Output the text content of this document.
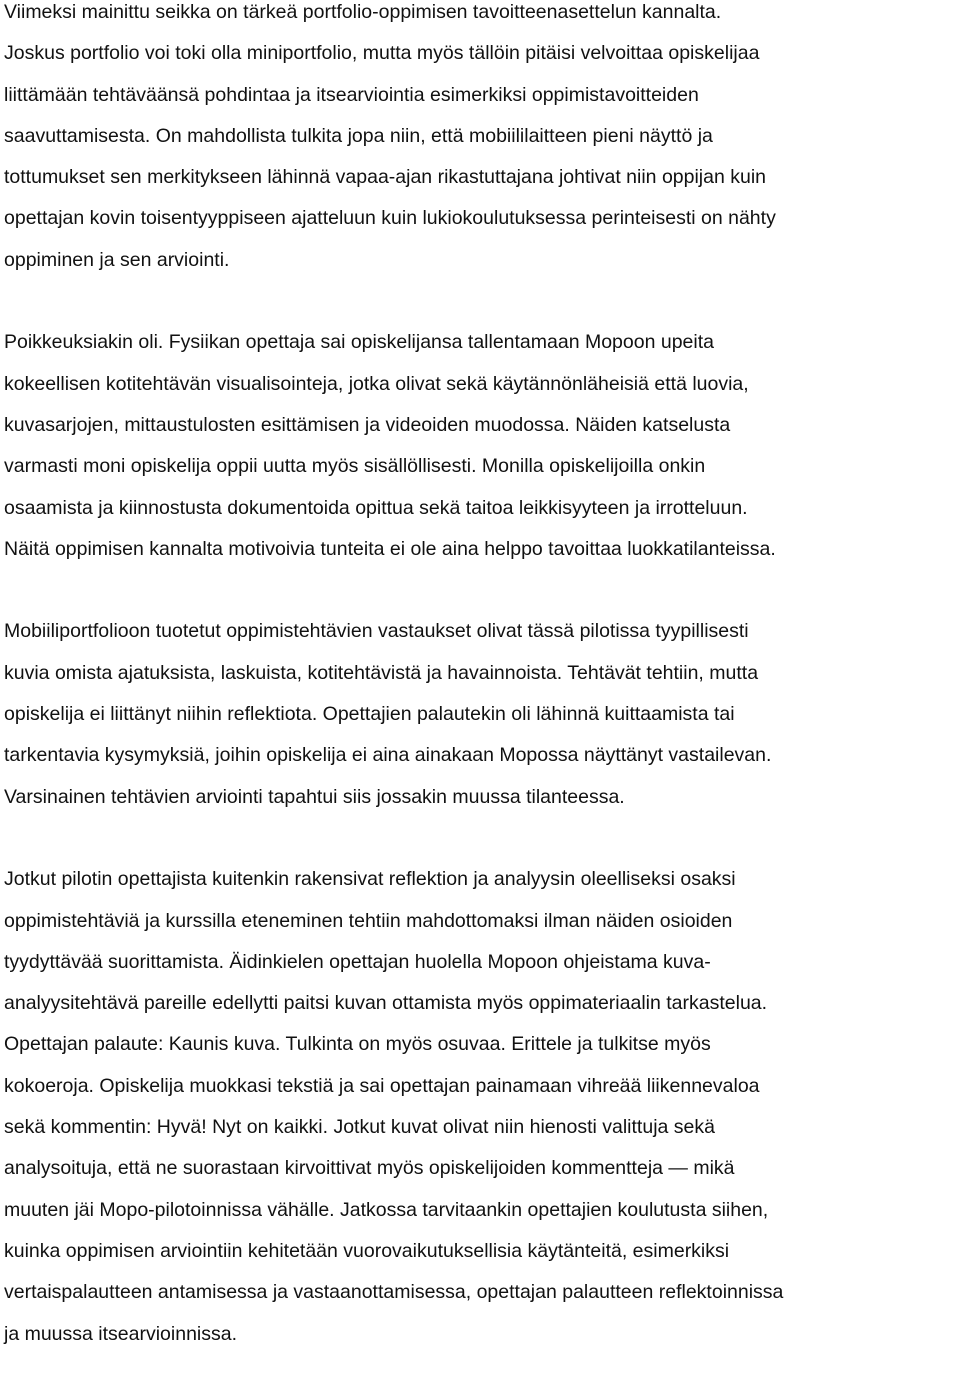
Viimeksi mainittu seikka on tärkeä portfolio-oppimisen tavoitteenasettelun kannalta.
Joskus portfolio voi toki olla miniportfolio, mutta myös tällöin pitäisi velvoittaa opiskelijaa
liittämään tehtäväänsä pohdintaa ja itsearviointia esimerkiksi oppimistavoitteiden
saavuttamisesta. On mahdollista tulkita jopa niin, että mobiililaitteen pieni näyttö ja
tottumukset sen merkitykseen lähinnä vapaa-ajan rikastuttajana johtivat niin oppijan kuin
opettajan kovin toisentyyppiseen ajatteluun kuin lukiokoulutuksessa perinteisesti on nähty
oppiminen ja sen arviointi.

Poikkeuksiakin oli. Fysiikan opettaja sai opiskelijansa tallentamaan Mopoon upeita
kokeellisen kotitehtävän visualisointeja, jotka olivat sekä käytännönläheisiä että luovia,
kuvasarjojen, mittaustulosten esittämisen ja videoiden muodossa. Näiden katselusta
varmasti moni opiskelija oppii uutta myös sisällöllisesti. Monilla opiskelijoilla onkin
osaamista ja kiinnostusta dokumentoida opittua sekä taitoa leikkisyyteen ja irrotteluun.
Näitä oppimisen kannalta motivoivia tunteita ei ole aina helppo tavoittaa luokkatilanteissa.

Mobiiliportfolioon tuotetut oppimistehtävien vastaukset olivat tässä pilotissa tyypillisesti
kuvia omista ajatuksista, laskuista, kotitehtävistä ja havainnoista. Tehtävät tehtiin, mutta
opiskelija ei liittänyt niihin reflektiota. Opettajien palautekin oli lähinnä kuittaamista tai
tarkentavia kysymyksiä, joihin opiskelija ei aina ainakaan Mopossa näyttänyt vastailevan.
Varsinainen tehtävien arviointi tapahtui siis jossakin muussa tilanteessa.

Jotkut pilotin opettajista kuitenkin rakensivat reflektion ja analyysin oleelliseksi osaksi
oppimistehtäviä ja kurssilla eteneminen tehtiin mahdottomaksi ilman näiden osioiden
tyydyttävää suorittamista. Äidinkielen opettajan huolella Mopoon ohjeistama kuva-
analyysitehtävä pareille edellytti paitsi kuvan ottamista myös oppimateriaalin tarkastelua.
Opettajan palaute: Kaunis kuva. Tulkinta on myös osuvaa. Erittele ja tulkitse myös
kokoeroja. Opiskelija muokkasi tekstiä ja sai opettajan painamaan vihreää liikennevaloa
sekä kommentin: Hyvä! Nyt on kaikki. Jotkut kuvat olivat niin hienosti valittuja sekä
analysoituja, että ne suorastaan kirvoittivat myös opiskelijoiden kommentteja — mikä
muuten jäi Mopo-pilotoinnissa vähälle. Jatkossa tarvitaankin opettajien koulutusta siihen,
kuinka oppimisen arviointiin kehitetään vuorovaikutuksellisia käytänteitä, esimerkiksi
vertaispalautteen antamisessa ja vastaanottamisessa, opettajan palautteen reflektoinnissa
ja muussa itsearvioinnissa.
